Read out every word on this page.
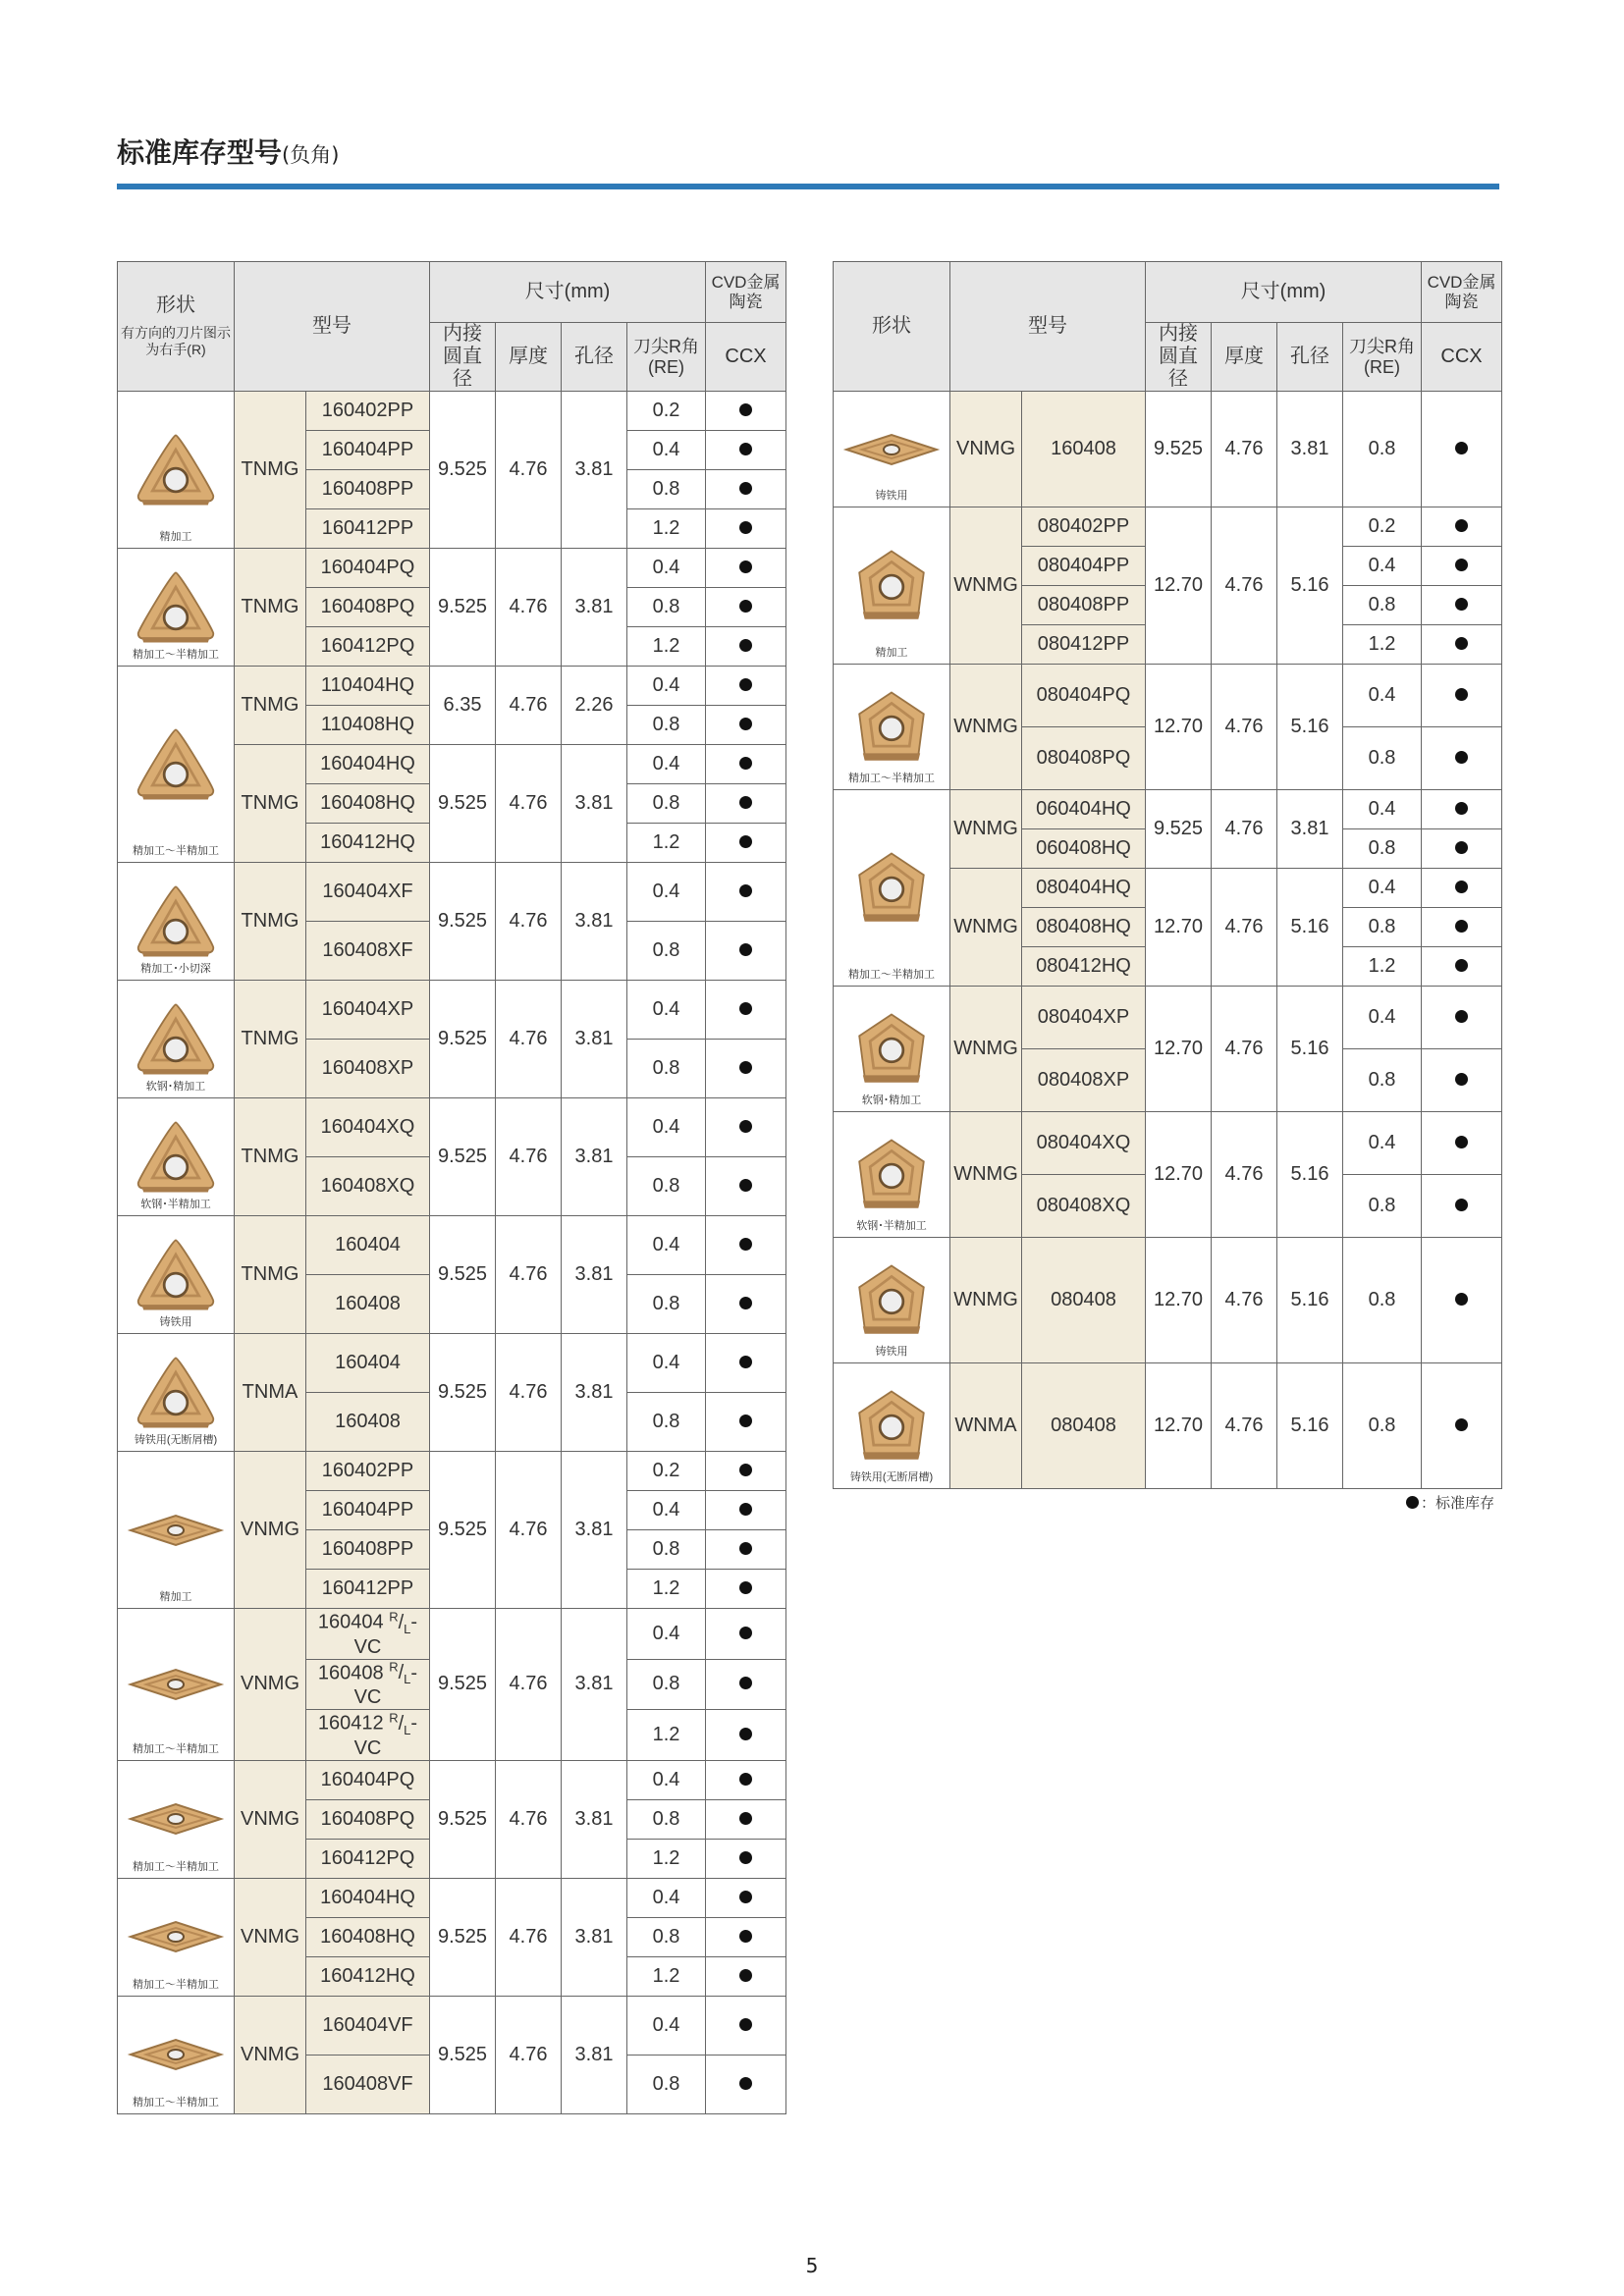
标准库存型号(负角)
形状
有方向的刀片图示为右手(R)	型号		尺寸(mm)				CVD金属陶瓷
			内接圆直径	厚度	孔径	刀尖R角(RE)	CCX

精加工	TNMG	160402PP	9.525	4.76	3.81	0.2	
		160404PP				0.4	
		160408PP				0.8	
		160412PP				1.2	

精加工～半精加工	TNMG	160404PQ	9.525	4.76	3.81	0.4	
		160408PQ				0.8	
		160412PQ				1.2	

精加工～半精加工	TNMG	110404HQ	6.35	4.76	2.26	0.4	
		110408HQ				0.8	
	TNMG	160404HQ	9.525	4.76	3.81	0.4	
		160408HQ				0.8	
		160412HQ				1.2	

精加工･小切深	TNMG	160404XF	9.525	4.76	3.81	0.4	
		160408XF				0.8	

软钢･精加工	TNMG	160404XP	9.525	4.76	3.81	0.4	
		160408XP				0.8	

软钢･半精加工	TNMG	160404XQ	9.525	4.76	3.81	0.4	
		160408XQ				0.8	

铸铁用	TNMG	160404	9.525	4.76	3.81	0.4	
		160408				0.8	

铸铁用(无断屑槽)	TNMA	160404	9.525	4.76	3.81	0.4	
		160408				0.8	

精加工	VNMG	160402PP	9.525	4.76	3.81	0.2	
		160404PP				0.4	
		160408PP				0.8	
		160412PP				1.2	

精加工～半精加工	VNMG	160404 $^R/_L-VC$	9.525	4.76	3.81	0.4	
		160408 $^R/_L-VC$				0.8	
		160412 $^R/_L-VC$				1.2	

精加工～半精加工	VNMG	160404PQ	9.525	4.76	3.81	0.4	
		160408PQ				0.8	
		160412PQ				1.2	

精加工～半精加工	VNMG	160404HQ	9.525	4.76	3.81	0.4	
		160408HQ				0.8	
		160412HQ				1.2	

精加工～半精加工	VNMG	160404VF	9.525	4.76	3.81	0.4	
		160408VF				0.8	
形状	型号		尺寸(mm)				CVD金属陶瓷
			内接圆直径	厚度	孔径	刀尖R角(RE)	CCX

铸铁用	VNMG	160408	9.525	4.76	3.81	0.8	

精加工	WNMG	080402PP	12.70	4.76	5.16	0.2	
		080404PP				0.4	
		080408PP				0.8	
		080412PP				1.2	

精加工～半精加工	WNMG	080404PQ	12.70	4.76	5.16	0.4	
		080408PQ				0.8	

精加工～半精加工	WNMG	060404HQ	9.525	4.76	3.81	0.4	
		060408HQ				0.8	
	WNMG	080404HQ	12.70	4.76	5.16	0.4	
		080408HQ				0.8	
		080412HQ				1.2	

软钢･精加工	WNMG	080404XP	12.70	4.76	5.16	0.4	
		080408XP				0.8	

软钢･半精加工	WNMG	080404XQ	12.70	4.76	5.16	0.4	
		080408XQ				0.8	

铸铁用	WNMG	080408	12.70	4.76	5.16	0.8	

铸铁用(无断屑槽)	WNMA	080408	12.70	4.76	5.16	0.8	
：标准库存
5
